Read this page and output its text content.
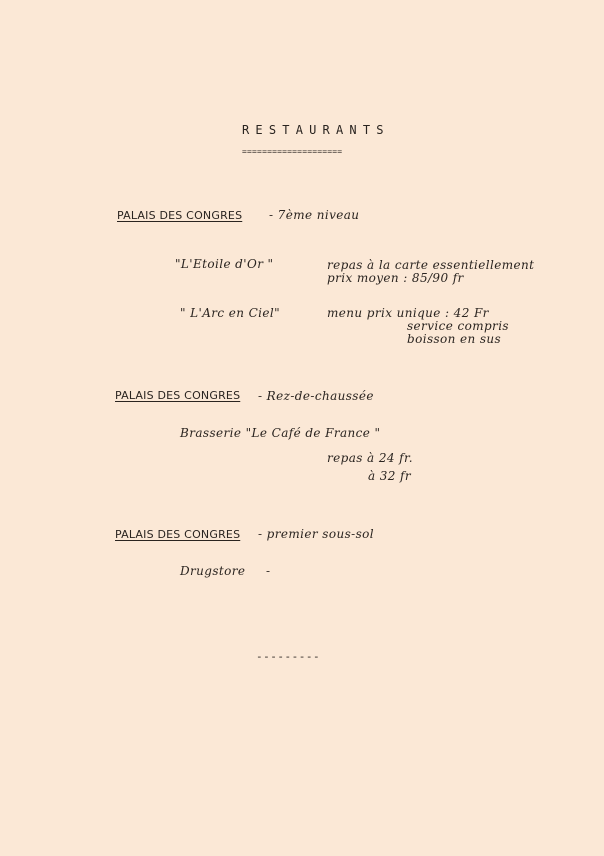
RESTAURANTS
====================
PALAIS DES CONGRES - 7ème niveau
"L'Etoile d'Or "	repas à la carte essentiellement
prix moyen : 85/90 fr
" L'Arc en Ciel"	menu prix unique : 42 Fr
service compris
boisson en sus
PALAIS DES CONGRES - Rez-de-chaussée
Brasserie "Le Café de France "
repas à 24 fr.
à 32 fr
PALAIS DES CONGRES - premier sous-sol
Drugstore -
---------
